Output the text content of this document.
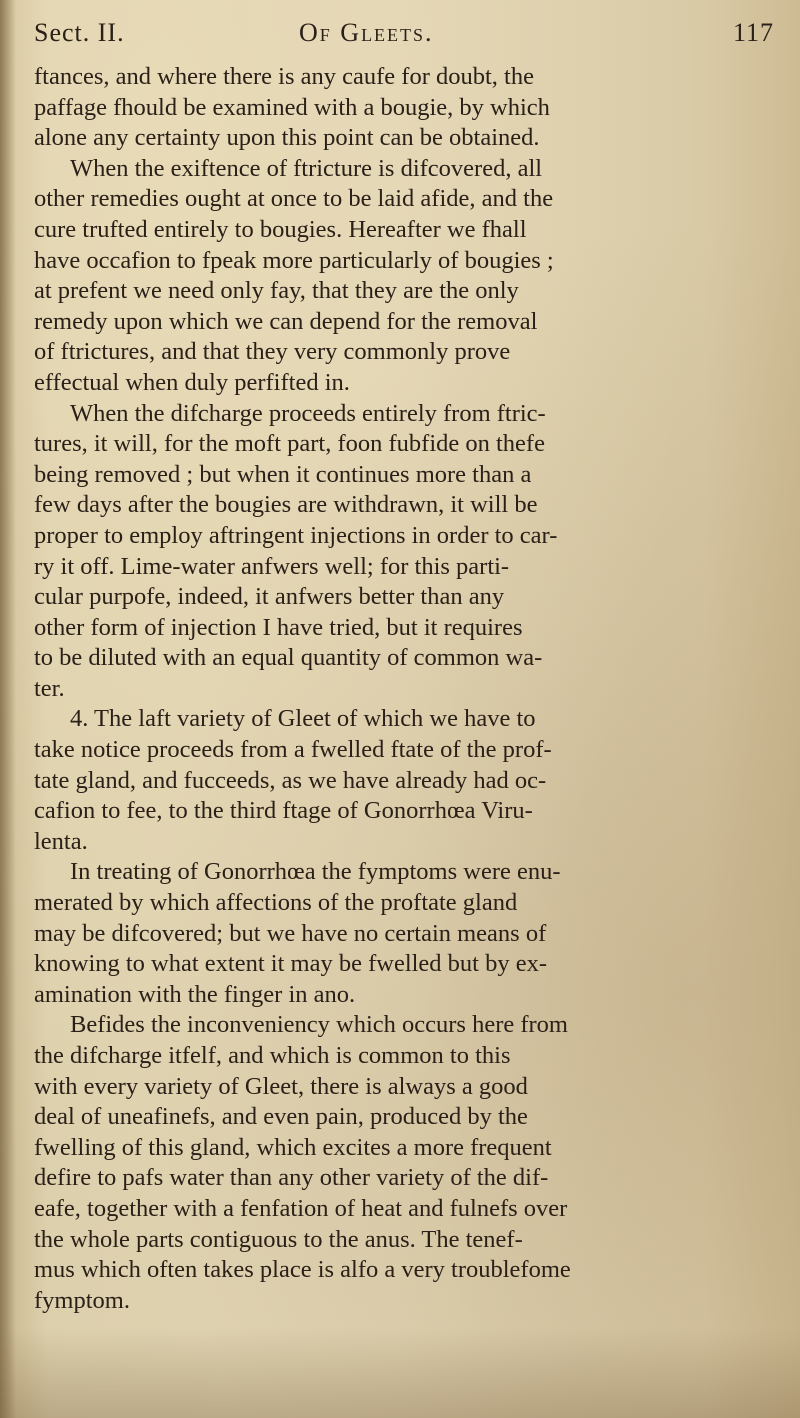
Sect. II.	Of Gleets.	117
ftances, and where there is any caufe for doubt, the
paffage fhould be examined with a bougie, by which
alone any certainty upon this point can be obtained.
When the exiftence of ftricture is difcovered, all
other remedies ought at once to be laid afide, and the
cure trufted entirely to bougies. Hereafter we fhall
have occafion to fpeak more particularly of bougies ;
at prefent we need only fay, that they are the only
remedy upon which we can depend for the removal
of ftrictures, and that they very commonly prove
effectual when duly perfifted in.
When the difcharge proceeds entirely from ftric-
tures, it will, for the moft part, foon fubfide on thefe
being removed ; but when it continues more than a
few days after the bougies are withdrawn, it will be
proper to employ aftringent injections in order to car-
ry it off. Lime-water anfwers well; for this parti-
cular purpofe, indeed, it anfwers better than any
other form of injection I have tried, but it requires
to be diluted with an equal quantity of common wa-
ter.
4. The laft variety of Gleet of which we have to
take notice proceeds from a fwelled ftate of the prof-
tate gland, and fucceeds, as we have already had oc-
cafion to fee, to the third ftage of Gonorrhœa Viru-
lenta.
In treating of Gonorrhœa the fymptoms were enu-
merated by which affections of the proftate gland
may be difcovered; but we have no certain means of
knowing to what extent it may be fwelled but by ex-
amination with the finger in ano.
Befides the inconveniency which occurs here from
the difcharge itfelf, and which is common to this
with every variety of Gleet, there is always a good
deal of uneafinefs, and even pain, produced by the
fwelling of this gland, which excites a more frequent
defire to pafs water than any other variety of the dif-
eafe, together with a fenfation of heat and fulnefs over
the whole parts contiguous to the anus. The tenef-
mus which often takes place is alfo a very troublefome
fymptom.
